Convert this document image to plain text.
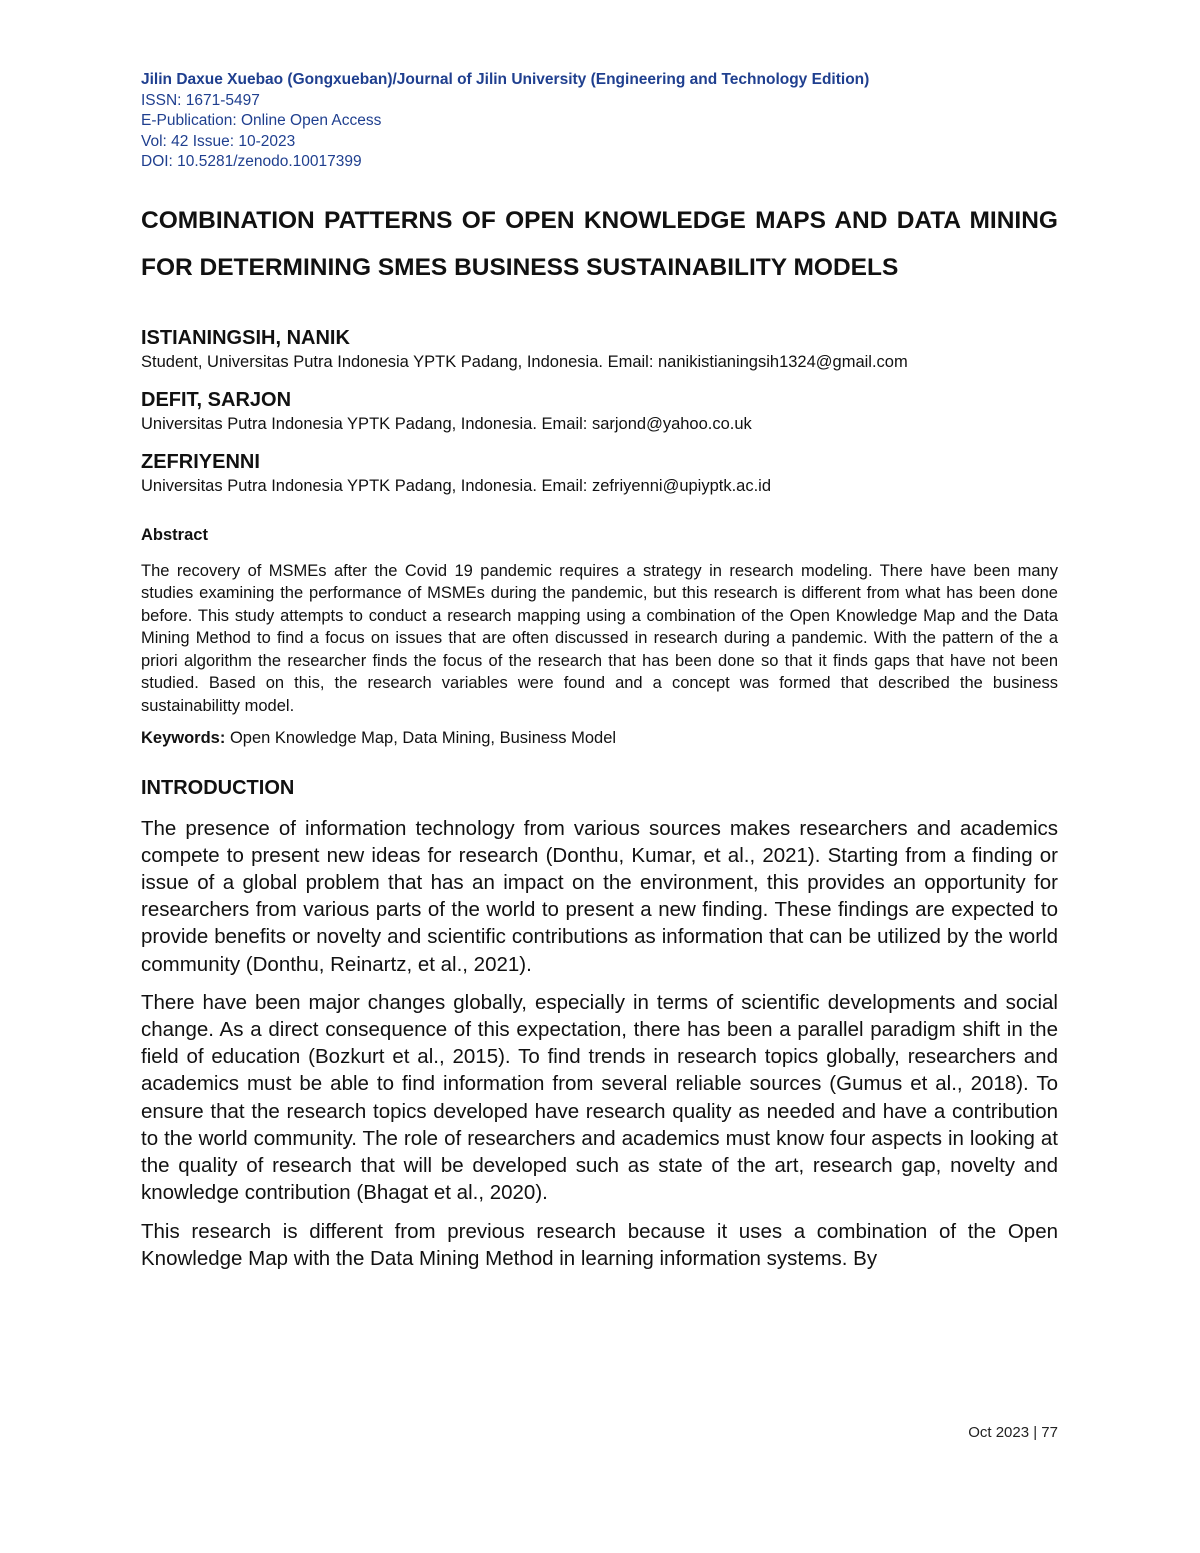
Jilin Daxue Xuebao (Gongxueban)/Journal of Jilin University (Engineering and Technology Edition)
ISSN: 1671-5497
E-Publication: Online Open Access
Vol: 42 Issue: 10-2023
DOI: 10.5281/zenodo.10017399
COMBINATION PATTERNS OF OPEN KNOWLEDGE MAPS AND DATA MINING FOR DETERMINING SMES BUSINESS SUSTAINABILITY MODELS
ISTIANINGSIH, NANIK
Student, Universitas Putra Indonesia YPTK Padang, Indonesia. Email: nanikistianingsih1324@gmail.com
DEFIT, SARJON
Universitas Putra Indonesia YPTK Padang, Indonesia. Email: sarjond@yahoo.co.uk
ZEFRIYENNI
Universitas Putra Indonesia YPTK Padang, Indonesia. Email: zefriyenni@upiyptk.ac.id
Abstract
The recovery of MSMEs after the Covid 19 pandemic requires a strategy in research modeling. There have been many studies examining the performance of MSMEs during the pandemic, but this research is different from what has been done before. This study attempts to conduct a research mapping using a combination of the Open Knowledge Map and the Data Mining Method to find a focus on issues that are often discussed in research during a pandemic. With the pattern of the a priori algorithm the researcher finds the focus of the research that has been done so that it finds gaps that have not been studied. Based on this, the research variables were found and a concept was formed that described the business sustainabilitty model.
Keywords: Open Knowledge Map, Data Mining, Business Model
INTRODUCTION

The presence of information technology from various sources makes researchers and academics compete to present new ideas for research (Donthu, Kumar, et al., 2021). Starting from a finding or issue of a global problem that has an impact on the environment, this provides an opportunity for researchers from various parts of the world to present a new finding. These findings are expected to provide benefits or novelty and scientific contributions as information that can be utilized by the world community (Donthu, Reinartz, et al., 2021).

There have been major changes globally, especially in terms of scientific developments and social change. As a direct consequence of this expectation, there has been a parallel paradigm shift in the field of education (Bozkurt et al., 2015). To find trends in research topics globally, researchers and academics must be able to find information from several reliable sources (Gumus et al., 2018). To ensure that the research topics developed have research quality as needed and have a contribution to the world community. The role of researchers and academics must know four aspects in looking at the quality of research that will be developed such as state of the art, research gap, novelty and knowledge contribution (Bhagat et al., 2020).

This research is different from previous research because it uses a combination of the Open Knowledge Map with the Data Mining Method in learning information systems. By

Oct 2023 | 77
